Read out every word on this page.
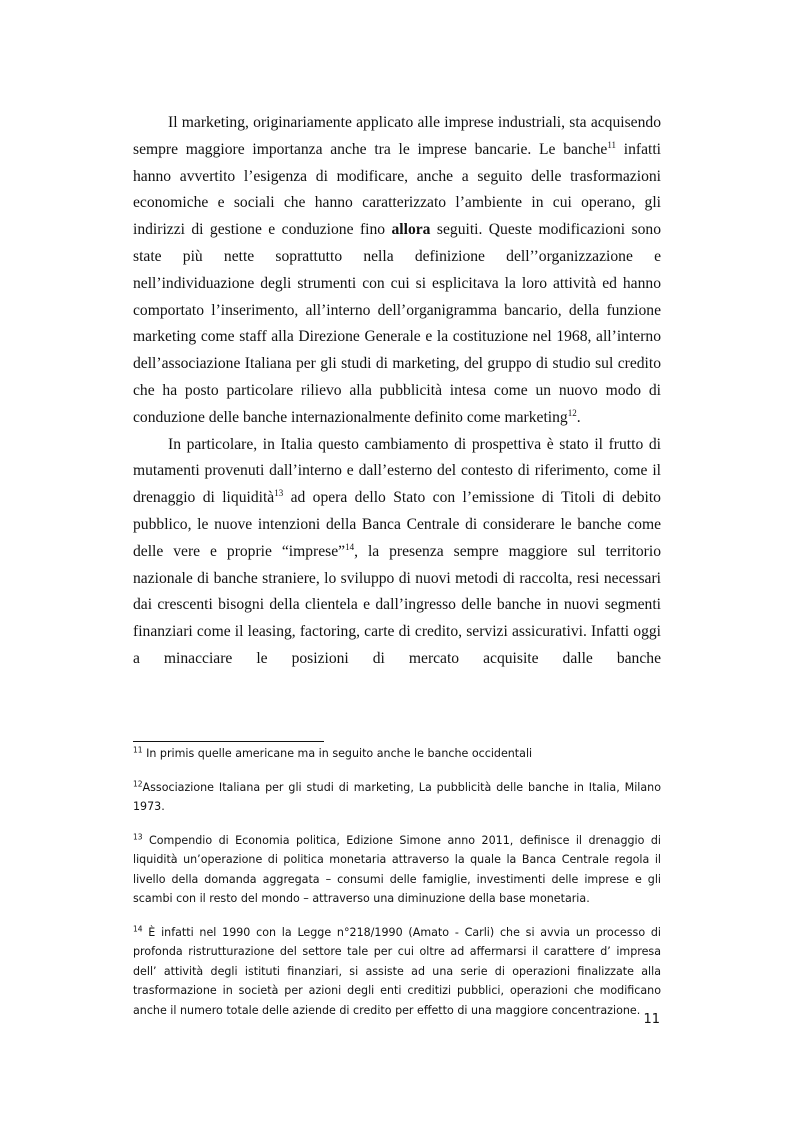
Il marketing, originariamente applicato alle imprese industriali, sta acquisendo sempre maggiore importanza anche tra le imprese bancarie. Le banche$^{11}$ infatti hanno avvertito l’esigenza di modificare, anche a seguito delle trasformazioni economiche e sociali che hanno caratterizzato l’ambiente in cui operano, gli indirizzi di gestione e conduzione fino allora seguiti. Queste modificazioni sono state più nette soprattutto nella definizione dell’’organizzazione e nell’individuazione degli strumenti con cui si esplicitava la loro attività ed hanno comportato l’inserimento, all’interno dell’organigramma bancario, della funzione marketing come staff alla Direzione Generale e la costituzione nel 1968, all’interno dell’associazione Italiana per gli studi di marketing, del gruppo di studio sul credito che ha posto particolare rilievo alla pubblicità intesa come un nuovo modo di conduzione delle banche internazionalmente definito come marketing$^{12}$.

In particolare, in Italia questo cambiamento di prospettiva è stato il frutto di mutamenti provenuti dall’interno e dall’esterno del contesto di riferimento, come il drenaggio di liquidità$^{13}$ ad opera dello Stato con l’emissione di Titoli di debito pubblico, le nuove intenzioni della Banca Centrale di considerare le banche come delle vere e proprie “imprese”$^{14}$, la presenza sempre maggiore sul territorio nazionale di banche straniere, lo sviluppo di nuovi metodi di raccolta, resi necessari dai crescenti bisogni della clientela e dall’ingresso delle banche in nuovi segmenti finanziari come il leasing, factoring, carte di credito, servizi assicurativi. Infatti oggi a minacciare le posizioni di mercato acquisite dalle banche

$^{11}$ In primis quelle americane ma in seguito anche le banche occidentali

$^{12}$Associazione Italiana per gli studi di marketing, La pubblicità delle banche in Italia, Milano 1973.

$^{13}$ Compendio di Economia politica, Edizione Simone anno 2011, definisce il drenaggio di liquidità un’operazione di politica monetaria attraverso la quale la Banca Centrale regola il livello della domanda aggregata – consumi delle famiglie, investimenti delle imprese e gli scambi con il resto del mondo – attraverso una diminuzione della base monetaria.

$^{14}$ È infatti nel 1990 con la Legge n°218/1990 (Amato - Carli) che si avvia un processo di profonda ristrutturazione del settore tale per cui oltre ad affermarsi il carattere d’ impresa dell’ attività degli istituti finanziari, si assiste ad una serie di operazioni finalizzate alla trasformazione in società per azioni degli enti creditizi pubblici, operazioni che modificano anche il numero totale delle aziende di credito per effetto di una maggiore concentrazione.

11
